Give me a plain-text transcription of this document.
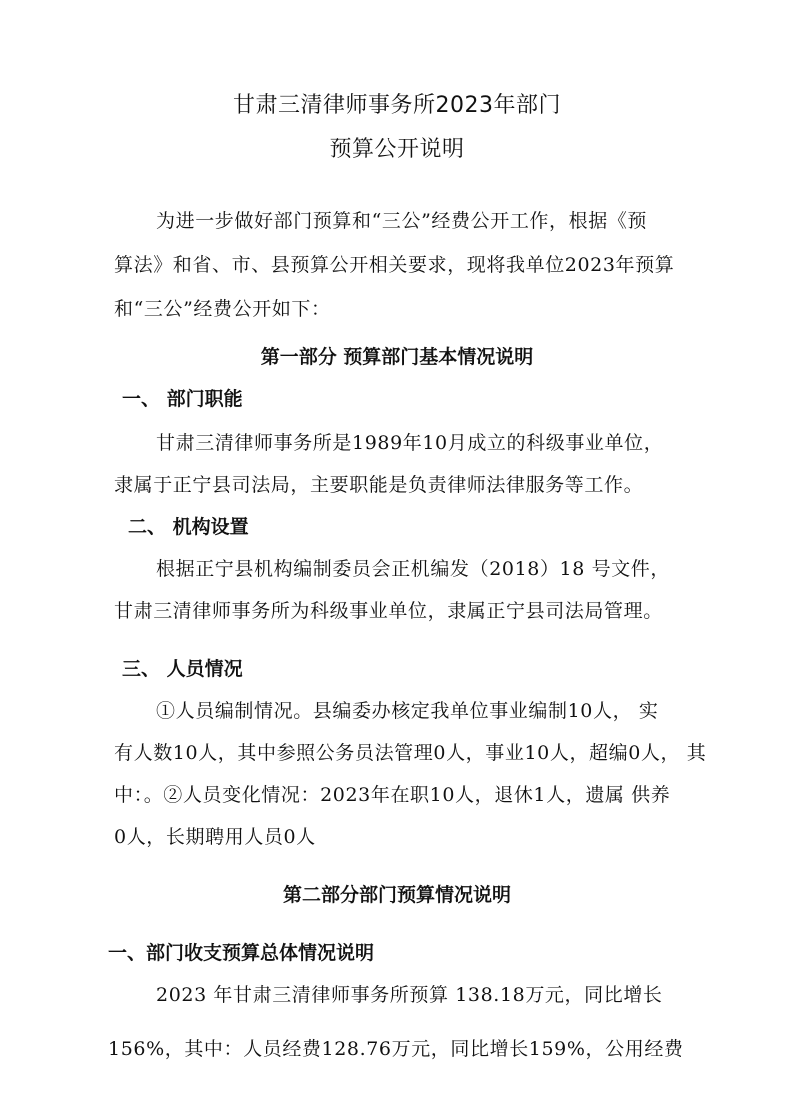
甘肃三清律师事务所2023年部门
预算公开说明
为进一步做好部门预算和“三公”经费公开工作，根据《预
算法》和省、市、县预算公开相关要求，现将我单位2023年预算
和“三公”经费公开如下：
第一部分 预算部门基本情况说明
一、 部门职能
甘肃三清律师事务所是1989年10月成立的科级事业单位，
隶属于正宁县司法局，主要职能是负责律师法律服务等工作。
二、 机构设置
根据正宁县机构编制委员会正机编发（2018）18 号文件，
甘肃三清律师事务所为科级事业单位，隶属正宁县司法局管理。
三、 人员情况
①人员编制情况。县编委办核定我单位事业编制10人， 实
有人数10人，其中参照公务员法管理0人，事业10人，超编0人， 其
中：。②人员变化情况：2023年在职10人，退休1人，遗属 供养
0人，长期聘用人员0人
第二部分部门预算情况说明
一、部门收支预算总体情况说明
2023 年甘肃三清律师事务所预算 138.18万元，同比增长
156%，其中：人员经费128.76万元，同比增长159%，公用经费
